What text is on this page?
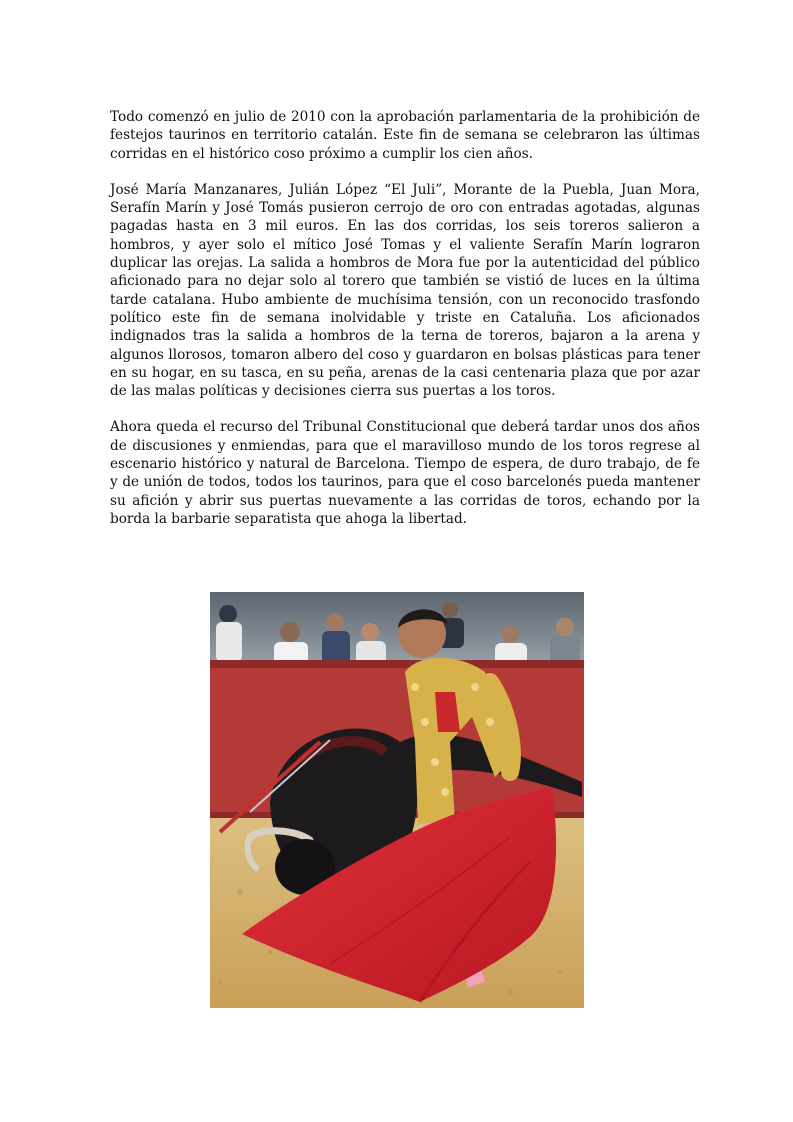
Todo comenzó en julio de 2010 con la aprobación parlamentaria de la prohibición de festejos taurinos en territorio catalán. Este fin de semana se celebraron las últimas corridas en el histórico coso próximo a cumplir los cien años.

José María Manzanares, Julián López “El Juli”, Morante de la Puebla, Juan Mora, Serafín Marín y José Tomás pusieron cerrojo de oro con entradas agotadas, algunas pagadas hasta en 3 mil euros. En las dos corridas, los seis toreros salieron a hombros, y ayer solo el mítico José Tomas y el valiente Serafín Marín lograron duplicar las orejas. La salida a hombros de Mora fue por la autenticidad del público aficionado para no dejar solo al torero que también se vistió de luces en la última tarde catalana. Hubo ambiente de muchísima tensión, con un reconocido trasfondo político este fin de semana inolvidable y triste en Cataluña. Los aficionados indignados tras la salida a hombros de la terna de toreros, bajaron a la arena y algunos llorosos, tomaron albero del coso y guardaron en bolsas plásticas para tener en su hogar, en su tasca, en su peña, arenas de la casi centenaria plaza que por azar de las malas políticas y decisiones cierra sus puertas a los toros.

Ahora queda el recurso del Tribunal Constitucional que deberá tardar unos dos años de discusiones y enmiendas, para que el maravilloso mundo de los toros regrese al escenario histórico y natural de Barcelona. Tiempo de espera, de duro trabajo, de fe y de unión de todos, todos los taurinos, para que el coso barcelonés pueda mantener su afición y abrir sus puertas nuevamente a las corridas de toros, echando por la borda la barbarie separatista que ahoga la libertad.
